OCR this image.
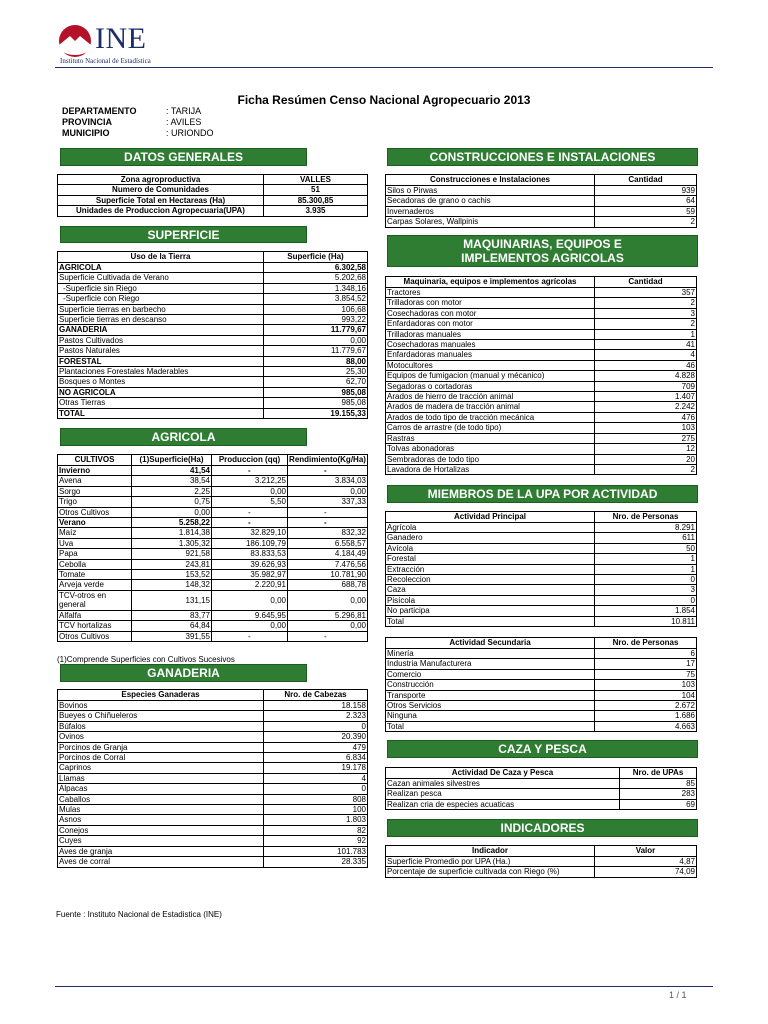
INE
Instituto Nacional de Estadística
Ficha Resúmen Censo Nacional Agropecuario 2013
DEPARTAMENTO	: TARIJA
PROVINCIA	: AVILES
MUNICIPIO	: URIONDO
DATOS GENERALES
Zona agroproductiva	VALLES
Numero de Comunidades	51
Superficie Total en Hectareas (Ha)	85.300,85
Unidades de Produccion Agropecuaria(UPA)	3.935
SUPERFICIE
Uso de la Tierra	Superficie (Ha)
AGRICOLA	6.302,58
Superficie Cultivada de Verano	5.202,68
-Superficie sin Riego	1.348,16
-Superficie con Riego	3.854,52
Superficie tierras en barbecho	106,68
Superficie tierras en descanso	993,22
GANADERIA	11.779,67
Pastos Cultivados	0,00
Pastos Naturales	11.779,67
FORESTAL	88,00
Plantaciones Forestales Maderables	25,30
Bosques o Montes	62,70
NO AGRICOLA	985,08
Otras Tierras	985,08
TOTAL	19.155,33
AGRICOLA
CULTIVOS	(1)Superficie(Ha)	Produccion (qq)	Rendimiento(Kg/Ha)
Invierno	41,54	-	-
Avena	38,54	3.212,25	3.834,03
Sorgo	2,25	0,00	0,00
Trigo	0,75	5,50	337,33
Otros Cultivos	0,00	-	-
Verano	5.258,22	-	-
Maíz	1.814,38	32.829,10	832,32
Uva	1.305,32	186.109,79	6.558,57
Papa	921,58	83.833,53	4.184,49
Cebolla	243,81	39.626,93	7.476,56
Tomate	153,52	35.982,97	10.781,90
Arveja verde	148,32	2.220,91	688,78
TCV-otros en general	131,15	0,00	0,00
Alfalfa	83,77	9.645,95	5.296,81
TCV hortalizas	64,84	0,00	0,00
Otros Cultivos	391,55	-	-
(1)Comprende Superficies con Cultivos Sucesivos
GANADERIA
Especies Ganaderas	Nro. de Cabezas
Bovinos	18.158
Bueyes o Chiñueleros	2.323
Búfalos	0
Ovinos	20.390
Porcinos de Granja	479
Porcinos de Corral	6.834
Caprinos	19.178
Llamas	4
Alpacas	0
Caballos	808
Mulas	100
Asnos	1.803
Conejos	82
Cuyes	92
Aves de granja	101.783
Aves de corral	28.335
CONSTRUCCIONES E INSTALACIONES
Construcciones e Instalaciones	Cantidad
Silos o Pirwas	939
Secadoras de grano o cachis	64
Invernaderos	59
Carpas Solares, Wallpinis	2
MAQUINARIAS, EQUIPOS E IMPLEMENTOS AGRICOLAS
Maquinaria, equipos e implementos agrícolas	Cantidad
Tractores	357
Trilladoras con motor	2
Cosechadoras con motor	3
Enfardadoras con motor	2
Trilladoras manuales	1
Cosechadoras manuales	41
Enfardadoras manuales	4
Motocultores	46
Equipos de fumigacion (manual y mécanico)	4.828
Segadoras o cortadoras	709
Arados de hierro de tracción animal	1.407
Arados de madera de tracción animal	2.242
Arados de todo tipo de tracción mecánica	476
Carros de arrastre (de todo tipo)	103
Rastras	275
Tolvas abonadoras	12
Sembradoras de todo tipo	20
Lavadora de Hortalizas	2
MIEMBROS DE LA UPA POR ACTIVIDAD
Actividad Principal	Nro. de Personas
Agrícola	8.291
Ganadero	611
Avícola	50
Forestal	1
Extracción	1
Recoleccion	0
Caza	3
Pisícola	0
No participa	1.854
Total	10.811
Actividad Secundaria	Nro. de Personas
Minería	6
Industria Manufacturera	17
Comercio	75
Construcción	103
Transporte	104
Otros Servicios	2.672
Ninguna	1.686
Total	4.663
CAZA Y PESCA
Actividad De Caza y Pesca	Nro. de UPAs
Cazan animales silvestres	85
Realizan pesca	283
Realizan cria de especies acuaticas	69
INDICADORES
Indicador	Valor
Superficie Promedio por UPA (Ha.)	4,87
Porcentaje de superficie cultivada con Riego (%)	74,09
Fuente : Instituto Nacional de Estadistica (INE)
1 / 1
